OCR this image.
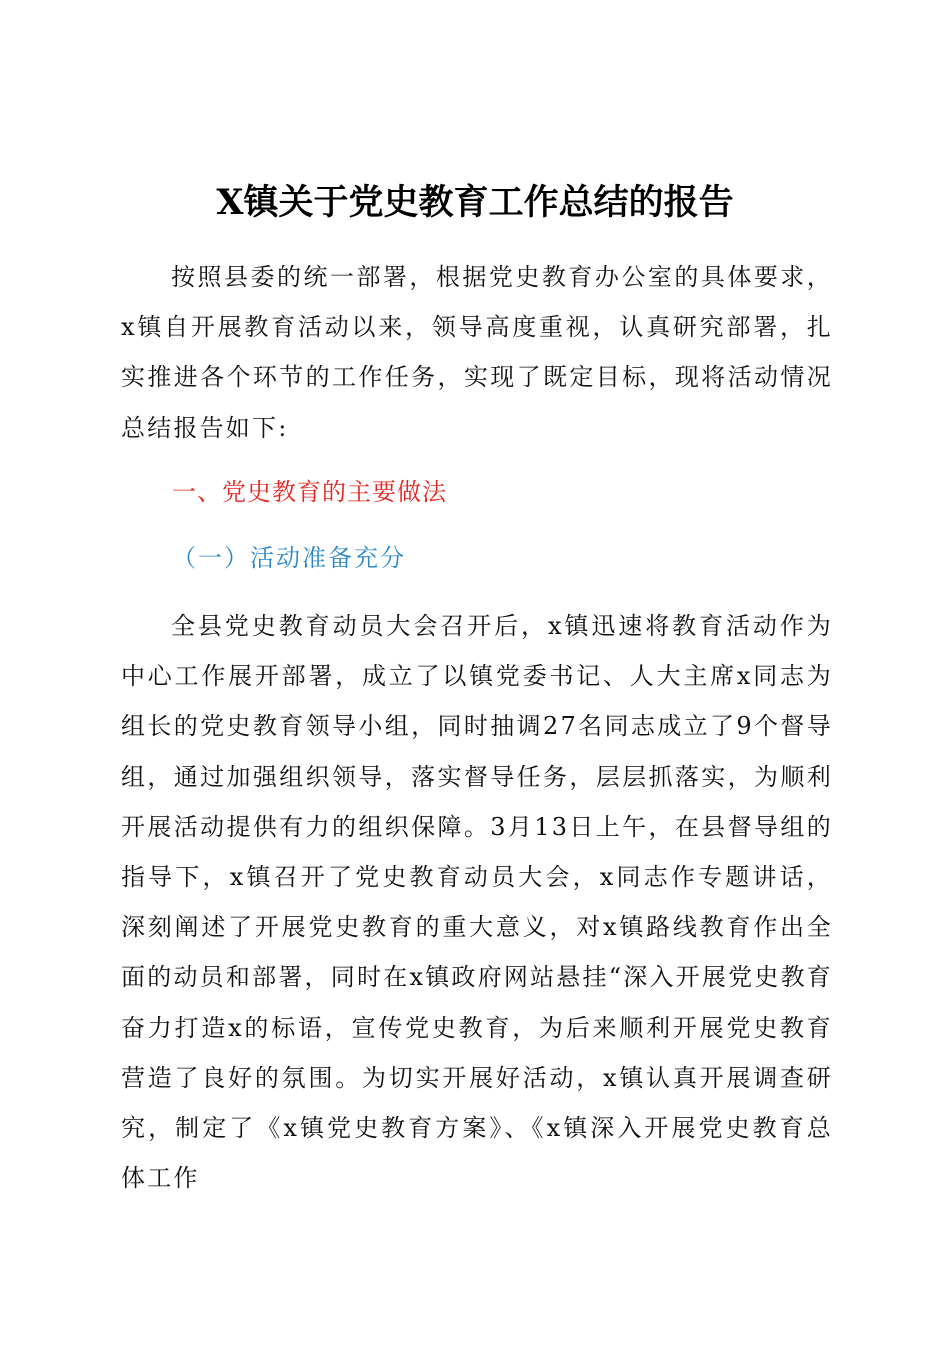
X镇关于党史教育工作总结的报告

按照县委的统一部署，根据党史教育办公室的具体要求，x镇自开展教育活动以来，领导高度重视，认真研究部署，扎实推进各个环节的工作任务，实现了既定目标，现将活动情况总结报告如下:

一、党史教育的主要做法
（一）活动准备充分

全县党史教育动员大会召开后，x镇迅速将教育活动作为中心工作展开部署，成立了以镇党委书记、人大主席x同志为组长的党史教育领导小组，同时抽调27名同志成立了9个督导组，通过加强组织领导，落实督导任务，层层抓落实，为顺利开展活动提供有力的组织保障。3月13日上午，在县督导组的指导下，x镇召开了党史教育动员大会，x同志作专题讲话，深刻阐述了开展党史教育的重大意义，对x镇路线教育作出全面的动员和部署，同时在x镇政府网站悬挂“深入开展党史教育奋力打造x的标语，宣传党史教育，为后来顺利开展党史教育营造了良好的氛围。为切实开展好活动，x镇认真开展调查研究，制定了《x镇党史教育方案》、《x镇深入开展党史教育总体工作
